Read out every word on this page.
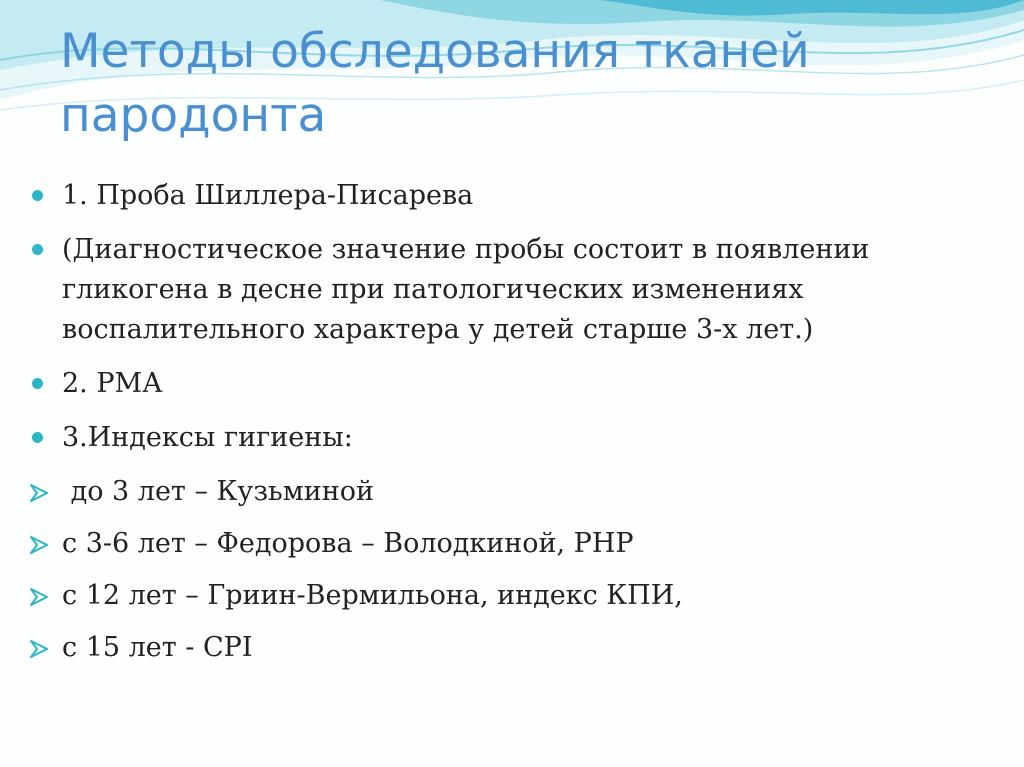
Методы обследования тканей пародонта
1. Проба Шиллера-Писарева
(Диагностическое значение пробы состоит в появлении гликогена в десне при патологических изменениях воспалительного характера у детей старше 3-х лет.)
2. РМА
3.Индексы гигиены:
до 3 лет – Кузьминой
с 3-6 лет – Федорова – Володкиной, PHP
с 12 лет – Гриин-Вермильона, индекс КПИ,
с 15 лет - СPI
